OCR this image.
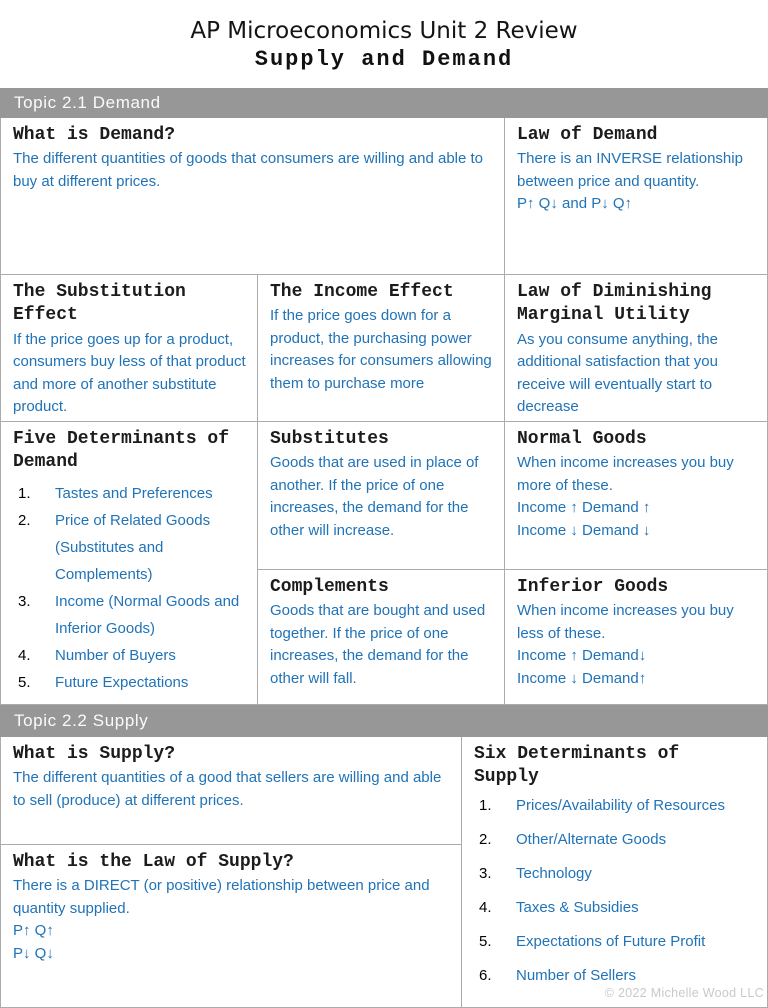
AP Microeconomics Unit 2 Review
Supply and Demand
Topic 2.1 Demand
What is Demand?

The different quantities of goods that consumers are willing and able to buy at different prices.

Law of Demand

There is an INVERSE relationship between price and quantity.

P↑ Q↓ and P↓ Q↑

The Substitution Effect

If the price goes up for a product, consumers buy less of that product and more of another substitute product.

The Income Effect

If the price goes down for a product, the purchasing power increases for consumers allowing them to purchase more

Law of Diminishing Marginal Utility

As you consume anything, the additional satisfaction that you receive will eventually start to decrease

Five Determinants of Demand
Tastes and Preferences
Price of Related Goods (Substitutes and Complements)
Income (Normal Goods and Inferior Goods)
Number of Buyers
Future Expectations
Substitutes

Goods that are used in place of another. If the price of one increases, the demand for the other will increase.

Normal Goods

When income increases you buy more of these.

Income ↑ Demand ↑

Income ↓ Demand ↓

Complements

Goods that are bought and used together. If the price of one increases, the demand for the other will fall.

Inferior Goods

When income increases you buy less of these.

Income ↑ Demand↓

Income ↓ Demand↑

Topic 2.2 Supply
What is Supply?

The different quantities of a good that sellers are willing and able to sell (produce) at different prices.

What is the Law of Supply?

There is a DIRECT (or positive) relationship between price and quantity supplied.

P↑ Q↑

P↓ Q↓

Six Determinants of Supply
Prices/Availability of Resources
Other/Alternate Goods
Technology
Taxes & Subsidies
Expectations of Future Profit
Number of Sellers
© 2022 Michelle Wood LLC
